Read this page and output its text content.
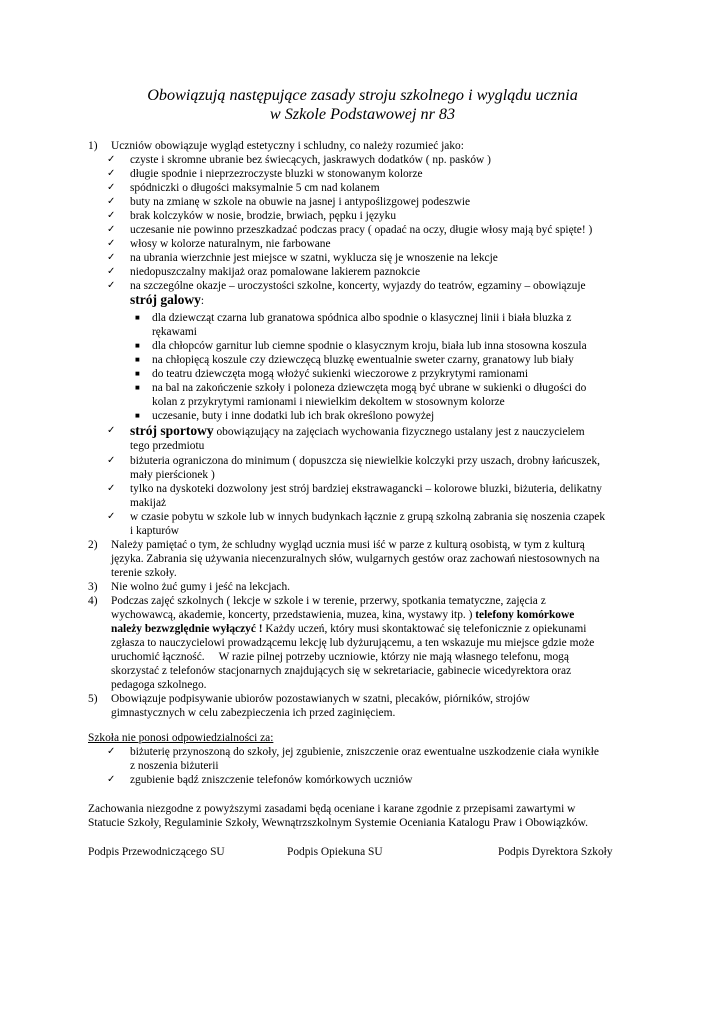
Obowiązują następujące zasady stroju szkolnego i wyglądu ucznia
w Szkole Podstawowej nr 83
1) Uczniów obowiązuje wygląd estetyczny i schludny, co należy rozumieć jako:
✓ czyste i skromne ubranie bez świecących, jaskrawych dodatków ( np. pasków )
✓ długie spodnie i nieprzezroczyste bluzki w stonowanym kolorze
✓ spódniczki o długości maksymalnie 5 cm nad kolanem
✓ buty na zmianę w szkole na obuwie na jasnej i antypoślizgowej podeszwie
✓ brak kolczyków w nosie, brodzie, brwiach, pępku i języku
✓ uczesanie nie powinno przeszkadzać podczas pracy ( opadać na oczy, długie włosy mają być spięte! )
✓ włosy w kolorze naturalnym, nie farbowane
✓ na ubrania wierzchnie jest miejsce w szatni, wyklucza się je wnoszenie na lekcje
✓ niedopuszczalny makijaż oraz pomalowane lakierem paznokcie
✓ na szczególne okazje – uroczystości szkolne, koncerty, wyjazdy do teatrów, egzaminy – obowiązuje
strój galowy:
■ dla dziewcząt czarna lub granatowa spódnica albo spodnie o klasycznej linii i biała bluzka z
rękawami
■ dla chłopców garnitur lub ciemne spodnie o klasycznym kroju, biała lub inna stosowna koszula
■ na chłopięcą koszule czy dziewczęcą bluzkę ewentualnie sweter czarny, granatowy lub biały
■ do teatru dziewczęta mogą włożyć sukienki wieczorowe z przykrytymi ramionami
■ na bal na zakończenie szkoły i poloneza dziewczęta mogą być ubrane w sukienki o długości do
kolan z przykrytymi ramionami i niewielkim dekoltem w stosownym kolorze
■ uczesanie, buty i inne dodatki lub ich brak określono powyżej
✓ strój sportowy obowiązujący na zajęciach wychowania fizycznego ustalany jest z nauczycielem
tego przedmiotu
✓ biżuteria ograniczona do minimum ( dopuszcza się niewielkie kolczyki przy uszach, drobny łańcuszek,
mały pierścionek )
✓ tylko na dyskoteki dozwolony jest strój bardziej ekstrawagancki – kolorowe bluzki, biżuteria, delikatny
makijaż
✓ w czasie pobytu w szkole lub w innych budynkach łącznie z grupą szkolną zabrania się noszenia czapek
i kapturów
2) Należy pamiętać o tym, że schludny wygląd ucznia musi iść w parze z kulturą osobistą, w tym z kulturą
języka. Zabrania się używania niecenzuralnych słów, wulgarnych gestów oraz zachowań niestosownych na
terenie szkoły.
3) Nie wolno żuć gumy i jeść na lekcjach.
4) Podczas zajęć szkolnych ( lekcje w szkole i w terenie, przerwy, spotkania tematyczne, zajęcia z
wychowawcą, akademie, koncerty, przedstawienia, muzea, kina, wystawy itp. ) telefony komórkowe
należy bezwzględnie wyłączyć ! Każdy uczeń, który musi skontaktować się telefonicznie z opiekunami
zgłasza to nauczycielowi prowadzącemu lekcję lub dyżurującemu, a ten wskazuje mu miejsce gdzie może
uruchomić łączność.     W razie pilnej potrzeby uczniowie, którzy nie mają własnego telefonu, mogą
skorzystać z telefonów stacjonarnych znajdujących się w sekretariacie, gabinecie wicedyrektora oraz
pedagoga szkolnego.
5) Obowiązuje podpisywanie ubiorów pozostawianych w szatni, plecaków, piórników, strojów
gimnastycznych w celu zabezpieczenia ich przed zaginięciem.
Szkoła nie ponosi odpowiedzialności za:
✓ biżuterię przynoszoną do szkoły, jej zgubienie, zniszczenie oraz ewentualne uszkodzenie ciała wynikłe
z noszenia biżuterii
✓ zgubienie bądź zniszczenie telefonów komórkowych uczniów
Zachowania niezgodne z powyższymi zasadami będą oceniane i karane zgodnie z przepisami zawartymi w
Statucie Szkoły, Regulaminie Szkoły, Wewnątrzszkolnym Systemie Oceniania Katalogu Praw i Obowiązków.
Podpis Przewodniczącego SU	Podpis Opiekuna SU	Podpis Dyrektora Szkoły
